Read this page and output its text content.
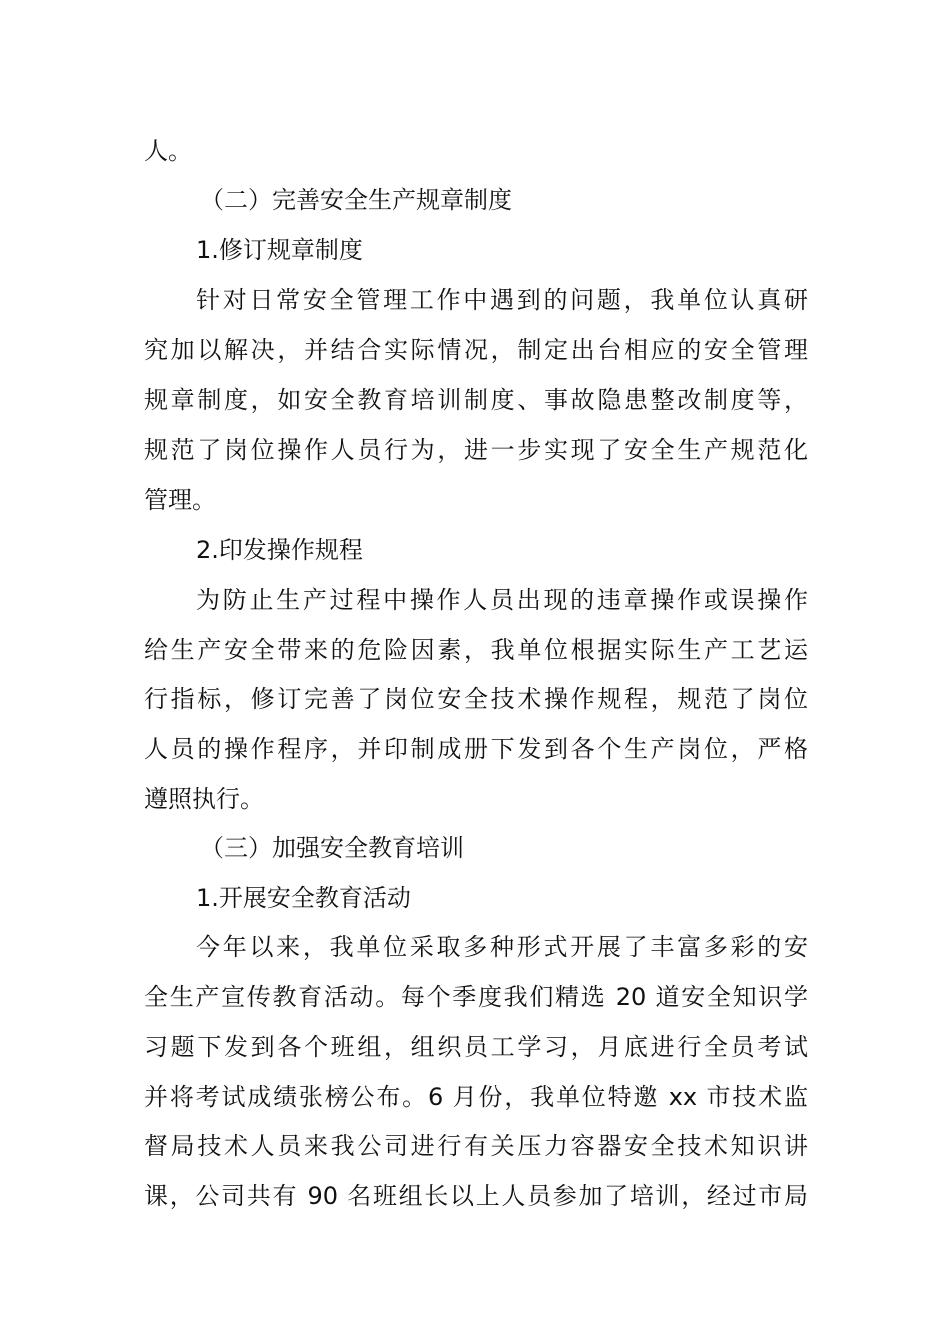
人。
（二）完善安全生产规章制度
1.修订规章制度
针对日常安全管理工作中遇到的问题，我单位认真研
究加以解决，并结合实际情况，制定出台相应的安全管理
规章制度，如安全教育培训制度、事故隐患整改制度等，
规范了岗位操作人员行为，进一步实现了安全生产规范化
管理。
2.印发操作规程
为防止生产过程中操作人员出现的违章操作或误操作
给生产安全带来的危险因素，我单位根据实际生产工艺运
行指标，修订完善了岗位安全技术操作规程，规范了岗位
人员的操作程序，并印制成册下发到各个生产岗位，严格
遵照执行。
（三）加强安全教育培训
1.开展安全教育活动
今年以来，我单位采取多种形式开展了丰富多彩的安
全生产宣传教育活动。每个季度我们精选 20 道安全知识学
习题下发到各个班组，组织员工学习，月底进行全员考试
并将考试成绩张榜公布。6 月份，我单位特邀 xx 市技术监
督局技术人员来我公司进行有关压力容器安全技术知识讲
课，公司共有 90 名班组长以上人员参加了培训，经过市局
